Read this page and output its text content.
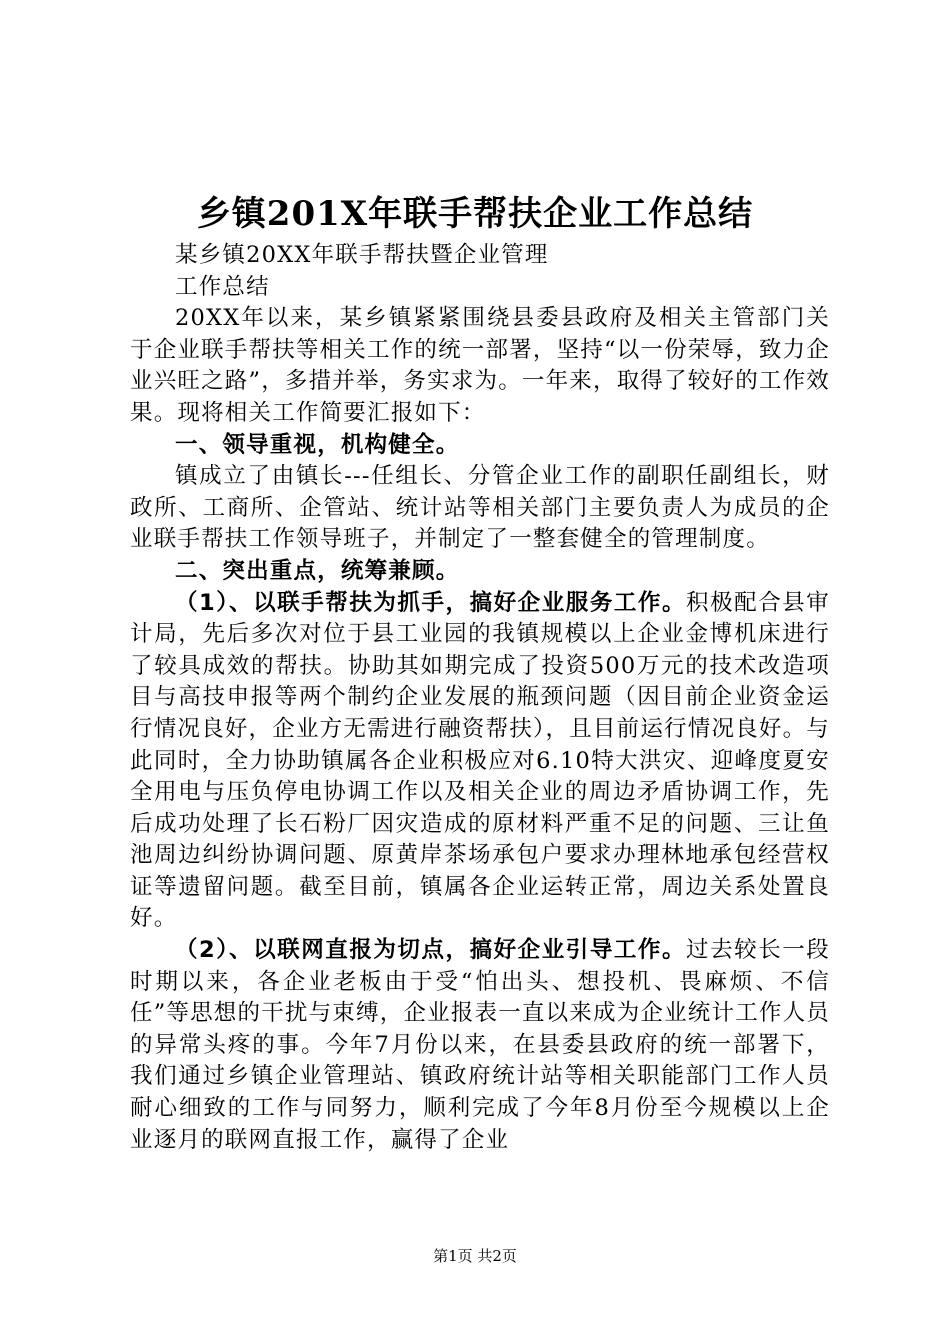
乡镇201X年联手帮扶企业工作总结

某乡镇20XX年联手帮扶暨企业管理

工作总结

20XX年以来，某乡镇紧紧围绕县委县政府及相关主管部门关于企业联手帮扶等相关工作的统一部署，坚持“以一份荣辱，致力企业兴旺之路”，多措并举，务实求为。一年来，取得了较好的工作效果。现将相关工作简要汇报如下：

一、领导重视，机构健全。

镇成立了由镇长---任组长、分管企业工作的副职任副组长，财政所、工商所、企管站、统计站等相关部门主要负责人为成员的企业联手帮扶工作领导班子，并制定了一整套健全的管理制度。

二、突出重点，统筹兼顾。

（1）、以联手帮扶为抓手，搞好企业服务工作。积极配合县审计局，先后多次对位于县工业园的我镇规模以上企业金博机床进行了较具成效的帮扶。协助其如期完成了投资500万元的技术改造项目与高技申报等两个制约企业发展的瓶颈问题（因目前企业资金运行情况良好，企业方无需进行融资帮扶），且目前运行情况良好。与此同时，全力协助镇属各企业积极应对6.10特大洪灾、迎峰度夏安全用电与压负停电协调工作以及相关企业的周边矛盾协调工作，先后成功处理了长石粉厂因灾造成的原材料严重不足的问题、三让鱼池周边纠纷协调问题、原黄岸茶场承包户要求办理林地承包经营权证等遗留问题。截至目前，镇属各企业运转正常，周边关系处置良好。

（2）、以联网直报为切点，搞好企业引导工作。过去较长一段时期以来，各企业老板由于受“怕出头、想投机、畏麻烦、不信任”等思想的干扰与束缚，企业报表一直以来成为企业统计工作人员的异常头疼的事。今年7月份以来，在县委县政府的统一部署下，我们通过乡镇企业管理站、镇政府统计站等相关职能部门工作人员耐心细致的工作与同努力，顺利完成了今年8月份至今规模以上企业逐月的联网直报工作，赢得了企业

第1页 共2页
